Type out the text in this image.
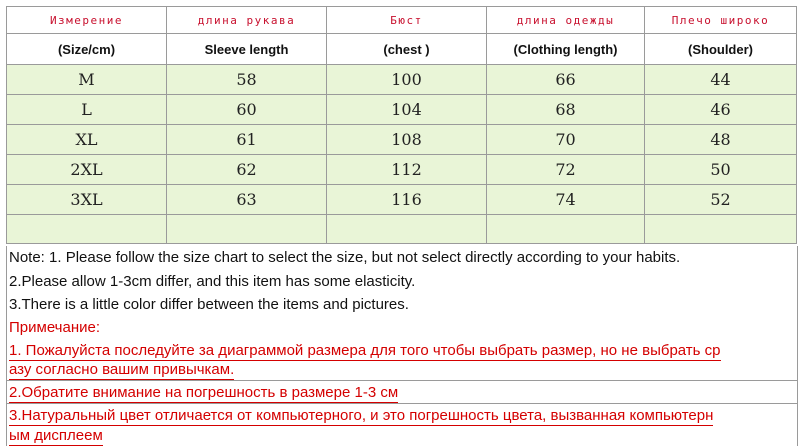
Измерение	длина рукава	Бюст	длина одежды	Плечо широко
(Size/cm)	Sleeve length	(chest )	(Clothing length)	(Shoulder)
M	58	100	66	44
L	60	104	68	46
XL	61	108	70	48
2XL	62	112	72	50
3XL	63	116	74	52

Note: 1. Please follow the size chart to select the size, but not select directly according to your habits.
2.Please allow 1-3cm differ, and this item has some elasticity.
3.There is a little color differ between the items and pictures.
Примечание:
1. Пожалуйста последуйте за диаграммой размера для того чтобы выбрать размер, но не выбрать ср
азу согласно вашим привычкам.
2.Обратите внимание на погрешность в размере 1-3 см
3.Натуральный цвет отличается от компьютерного, и это погрешность цвета, вызванная компьютерн
ым дисплеем
